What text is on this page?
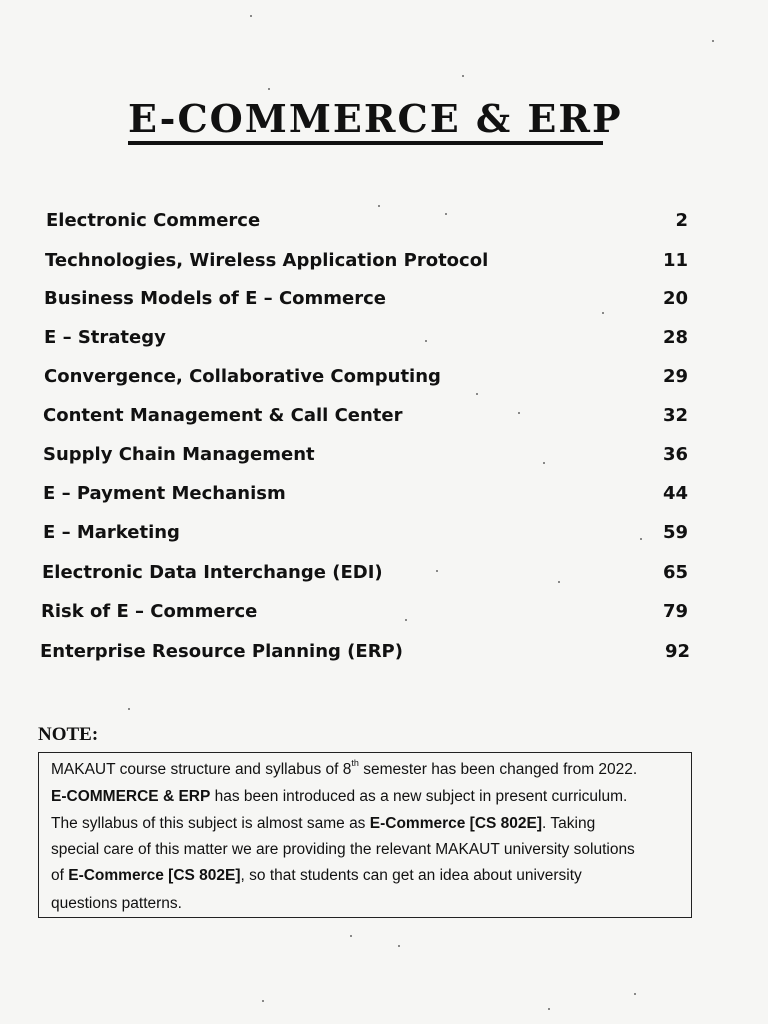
E-COMMERCE & ERP
Electronic Commerce	2
Technologies, Wireless Application Protocol	11
Business Models of E – Commerce	20
E – Strategy	28
Convergence, Collaborative Computing	29
Content Management & Call Center	32
Supply Chain Management	36
E – Payment Mechanism	44
E – Marketing	59
Electronic Data Interchange (EDI)	65
Risk of E – Commerce	79
Enterprise Resource Planning (ERP)	92
NOTE:
MAKAUT course structure and syllabus of 8th semester has been changed from 2022.
E-COMMERCE & ERP has been introduced as a new subject in present curriculum.
The syllabus of this subject is almost same as E-Commerce [CS 802E]. Taking
special care of this matter we are providing the relevant MAKAUT university solutions
of E-Commerce [CS 802E], so that students can get an idea about university
questions patterns.
